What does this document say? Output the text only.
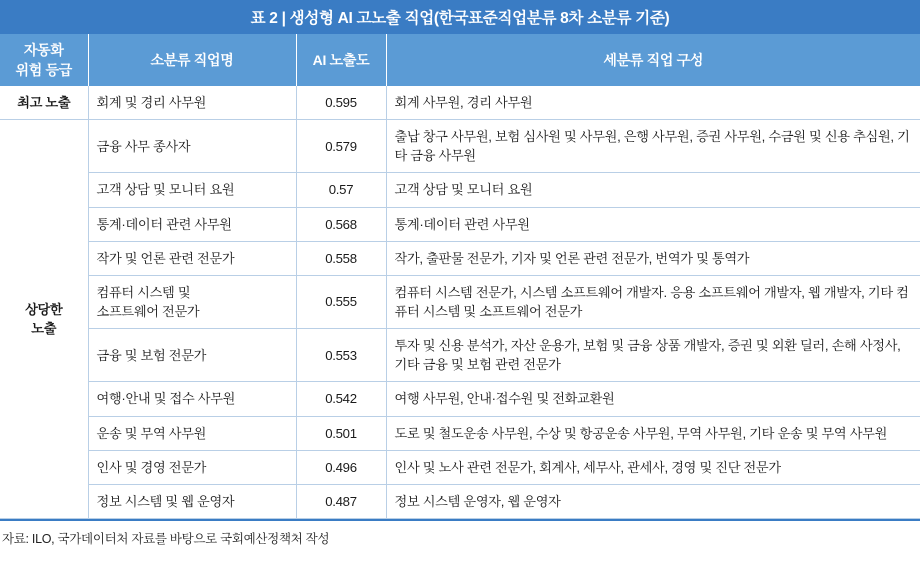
표 2 | 생성형 AI 고노출 직업(한국표준직업분류 8차 소분류 기준)
자동화
위험 등급	소분류 직업명	AI 노출도	세분류 직업 구성
최고 노출	회계 및 경리 사무원	0.595	회계 사무원, 경리 사무원

상당한
노출	금융 사무 종사자	0.579	출납 창구 사무원, 보험 심사원 및 사무원, 은행 사무원, 증권 사무원, 수금원 및 신용 추심원, 기타 금융 사무원
	고객 상담 및 모니터 요원	0.57	고객 상담 및 모니터 요원
	통계·데이터 관련 사무원	0.568	통계·데이터 관련 사무원
	작가 및 언론 관련 전문가	0.558	작가, 출판물 전문가, 기자 및 언론 관련 전문가, 번역가 및 통역가

	컴퓨터 시스템 및
소프트웨어 전문가	0.555	컴퓨터 시스템 전문가, 시스템 소프트웨어 개발자. 응용 소프트웨어 개발자, 웹 개발자, 기타 컴퓨터 시스템 및 소프트웨어 전문가
	금융 및 보험 전문가	0.553	투자 및 신용 분석가, 자산 운용가, 보험 및 금융 상품 개발자, 증권 및 외환 딜러, 손해 사정사, 기타 금융 및 보험 관련 전문가
	여행·안내 및 접수 사무원	0.542	여행 사무원, 안내·접수원 및 전화교환원
	운송 및 무역 사무원	0.501	도로 및 철도운송 사무원, 수상 및 항공운송 사무원, 무역 사무원, 기타 운송 및 무역 사무원
	인사 및 경영 전문가	0.496	인사 및 노사 관련 전문가, 회계사, 세무사, 관세사, 경영 및 진단 전문가
	정보 시스템 및 웹 운영자	0.487	정보 시스템 운영자, 웹 운영자
자료: ILO, 국가데이터처 자료를 바탕으로 국회예산정책처 작성
